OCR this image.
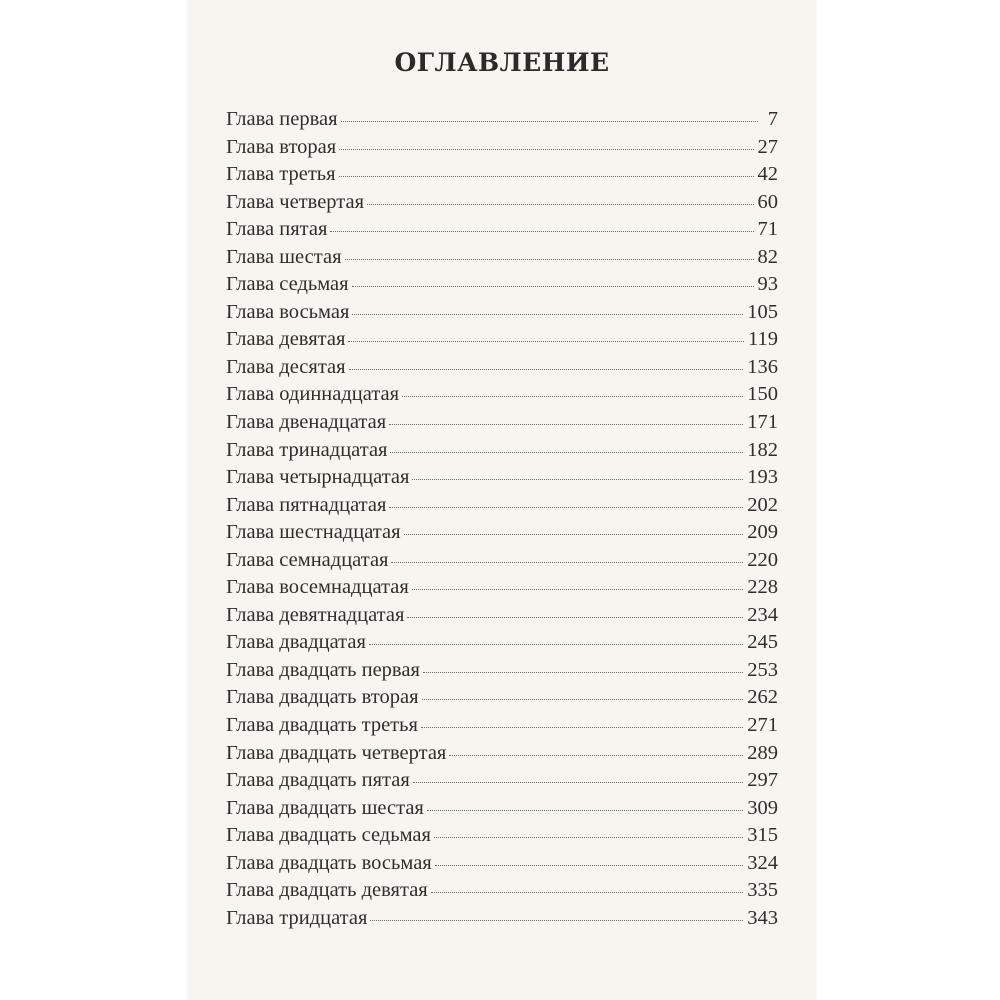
ОГЛАВЛЕНИЕ
Глава первая	7
Глава вторая	27
Глава третья	42
Глава четвертая	60
Глава пятая	71
Глава шестая	82
Глава седьмая	93
Глава восьмая	105
Глава девятая	119
Глава десятая	136
Глава одиннадцатая	150
Глава двенадцатая	171
Глава тринадцатая	182
Глава четырнадцатая	193
Глава пятнадцатая	202
Глава шестнадцатая	209
Глава семнадцатая	220
Глава восемнадцатая	228
Глава девятнадцатая	234
Глава двадцатая	245
Глава двадцать первая	253
Глава двадцать вторая	262
Глава двадцать третья	271
Глава двадцать четвертая	289
Глава двадцать пятая	297
Глава двадцать шестая	309
Глава двадцать седьмая	315
Глава двадцать восьмая	324
Глава двадцать девятая	335
Глава тридцатая	343
